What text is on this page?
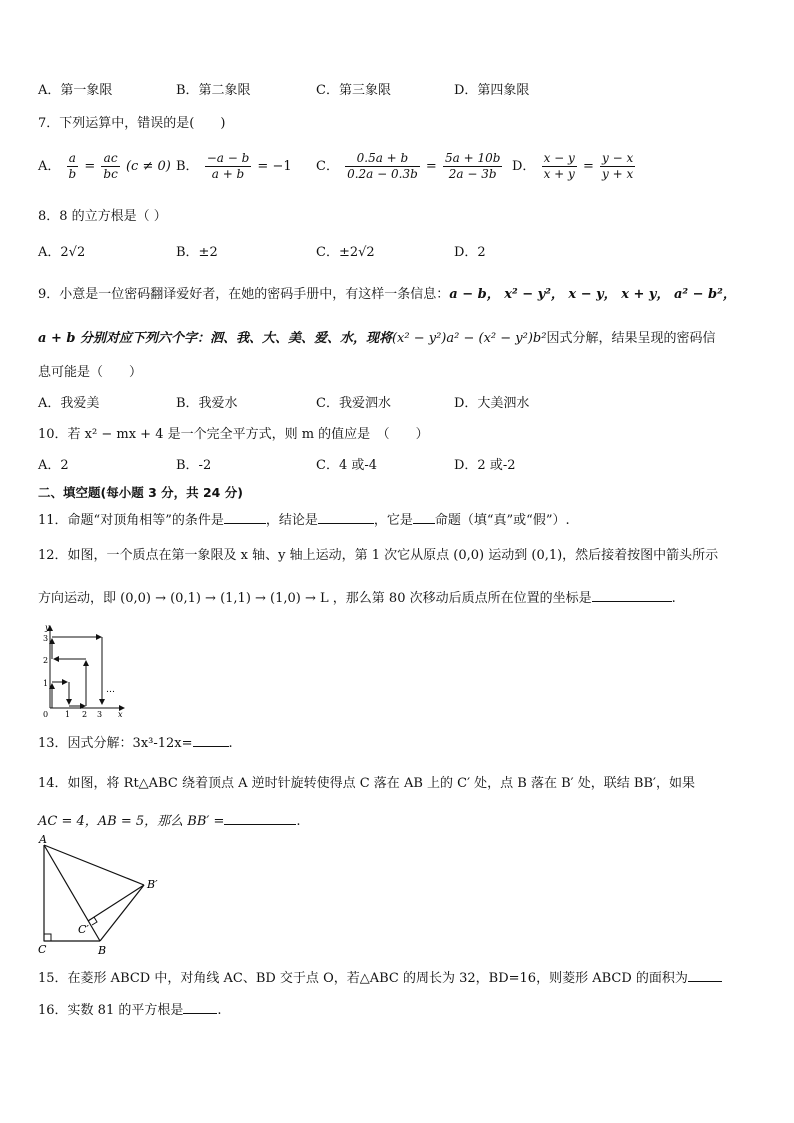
A．第一象限	B．第二象限	C．第三象限	D．第四象限
7．下列运算中，错误的是(　　)
A． $\frac{a}{b} = \frac{ac}{bc} (c \ne 0)$ B． $\frac{-a - b}{a + b} = -1$ C． $\frac{0.5a + b}{0.2a - 0.3b} = \frac{5a + 10b}{2a - 3b}$ D． $\frac{x - y}{x + y} = \frac{y - x}{y + x}$
8．8 的立方根是（ ）
A．2√2	B．±2	C．±2√2	D．2
9．小意是一位密码翻译爱好者，在她的密码手册中，有这样一条信息：a − b， x² − y²， x − y， x + y， a² − b²，
a + b 分别对应下列六个字：泗、我、大、美、爱、水，现将(x² − y²)a² − (x² − y²)b²因式分解，结果呈现的密码信
息可能是（　　）
A．我爱美	B．我爱水	C．我爱泗水	D．大美泗水
10．若 x² − mx + 4 是一个完全平方式，则 m 的值应是　（　　）
A．2	B．-2	C．4 或-4	D．2 或-2
二、填空题(每小题 3 分，共 24 分)
11．命题“对顶角相等”的条件是	，结论是	，它是 命题（填“真”或“假”）.
12．如图，一个质点在第一象限及 x 轴、y 轴上运动，第 1 次它从原点 (0,0) 运动到 (0,1)，然后接着按图中箭头所示
方向运动，即 (0,0) → (0,1) → (1,1) → (1,0) → L ，那么第 80 次移动后质点所在位置的坐标是	.
y
x
0 1 2 3
1
2
3
…
13．因式分解：3x³-12x=	.
14．如图，将 Rt△ABC 绕着顶点 A 逆时针旋转使得点 C 落在 AB 上的 C′ 处，点 B 落在 B′ 处，联结 BB′，如果
AC = 4，AB = 5，那么 BB′ =	.
A
C	B
B′
C′
15．在菱形 ABCD 中，对角线 AC、BD 交于点 O，若△ABC 的周长为 32，BD=16，则菱形 ABCD 的面积为
16．实数 81 的平方根是	.
